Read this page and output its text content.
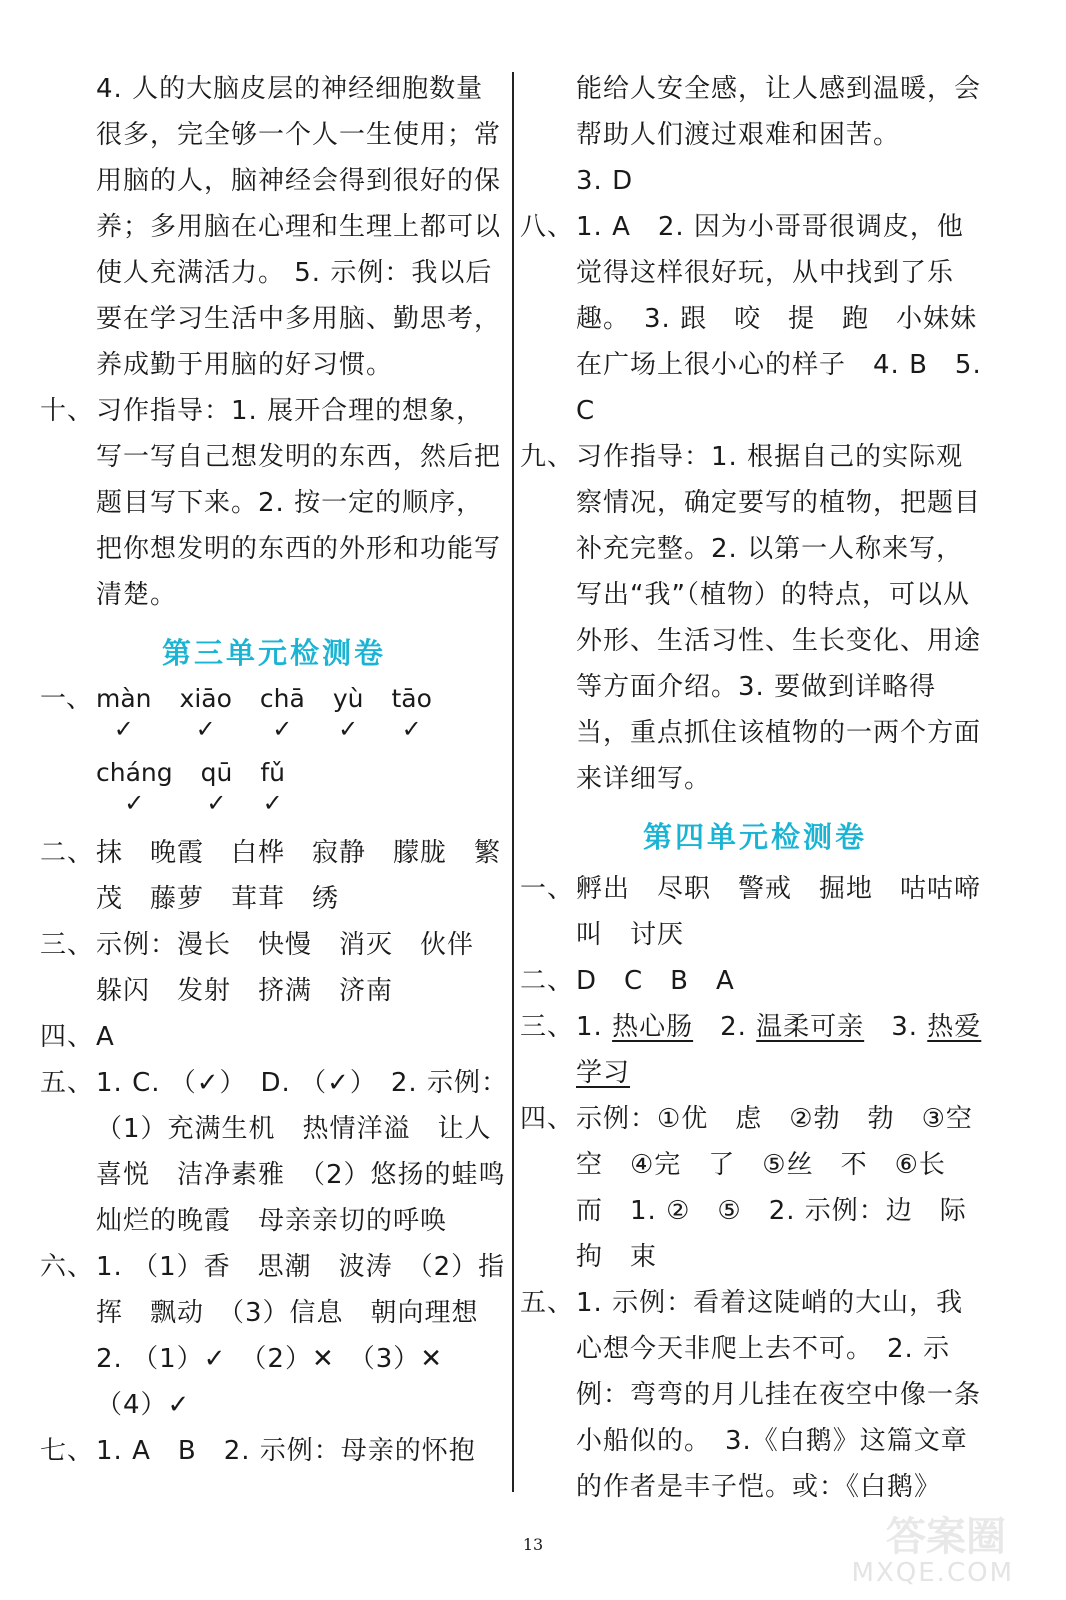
4. 人的大脑皮层的神经细胞数量很多，完全够一个人一生使用；常用脑的人，脑神经会得到很好的保养；多用脑在心理和生理上都可以使人充满活力。 5. 示例：我以后要在学习生活中多用脑、勤思考，养成勤于用脑的好习惯。
十、 习作指导：1. 展开合理的想象，写一写自己想发明的东西，然后把题目写下来。2. 按一定的顺序，把你想发明的东西的外形和功能写清楚。
第三单元检测卷
一、 màn
✓
xiāo
✓
chā
✓
yù
✓
tāo
✓
cháng
✓
qū
✓
fǔ
✓
二、 抹　晚霞　白桦　寂静　朦胧　繁茂　藤萝　茸茸　绣
三、 示例：漫长　快慢　消灭　伙伴　躲闪　发射　挤满　济南
四、 A
五、 1. C. （✓）　D. （✓）　2. 示例：（1）充满生机　热情洋溢　让人喜悦　洁净素雅　（2）悠扬的蛙鸣　灿烂的晚霞　母亲亲切的呼唤
六、 1. （1）香　思潮　波涛　（2）指挥　飘动　（3）信息　朝向理想　2. （1）✓　（2）✕　（3）✕　（4）✓
七、 1. A　B　2. 示例：母亲的怀抱
能给人安全感，让人感到温暖，会帮助人们渡过艰难和困苦。
3. D
八、 1. A　2. 因为小哥哥很调皮，他觉得这样很好玩，从中找到了乐趣。　3. 跟　咬　提　跑　小妹妹在广场上很小心的样子　4. B　5. C
九、 习作指导：1. 根据自己的实际观察情况，确定要写的植物，把题目补充完整。2. 以第一人称来写，写出“我”（植物）的特点，可以从外形、生活习性、生长变化、用途等方面介绍。3. 要做到详略得当，重点抓住该植物的一两个方面来详细写。
第四单元检测卷
一、 孵出　尽职　警戒　掘地　咕咕啼叫　讨厌
二、 D　C　B　A
三、 1. 热心肠　2. 温柔可亲　3. 热爱学习
四、 示例：①优　虑　②勃　勃　③空　空　④完　了　⑤丝　不　⑥长　而　1. ②　⑤　2. 示例：边　际　拘　束
五、 1. 示例：看着这陡峭的大山，我心想今天非爬上去不可。　2. 示例：弯弯的月儿挂在夜空中像一条小船似的。　3.《白鹅》这篇文章的作者是丰子恺。或：《白鹅》
13	答案圈
MXQE.COM
